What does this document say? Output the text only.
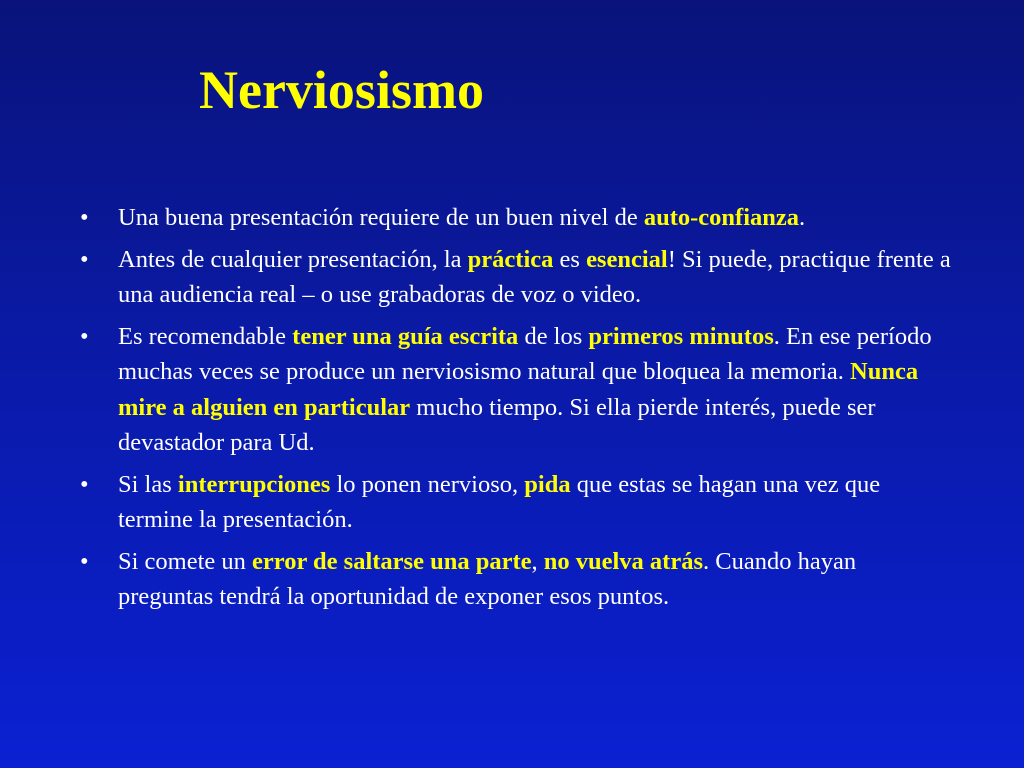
Nerviosismo
• Una buena presentación requiere de un buen nivel de auto-confianza.
• Antes de cualquier presentación, la práctica es esencial! Si puede, practique frente a una audiencia real – o use grabadoras de voz o video.
• Es recomendable tener una guía escrita de los primeros minutos. En ese período muchas veces se produce un nerviosismo natural que bloquea la memoria. Nunca mire a alguien en particular mucho tiempo. Si ella pierde interés, puede ser devastador para Ud.
• Si las interrupciones lo ponen nervioso, pida que estas se hagan una vez que termine la presentación.
• Si comete un error de saltarse una parte, no vuelva atrás. Cuando hayan preguntas tendrá la oportunidad de exponer esos puntos.
